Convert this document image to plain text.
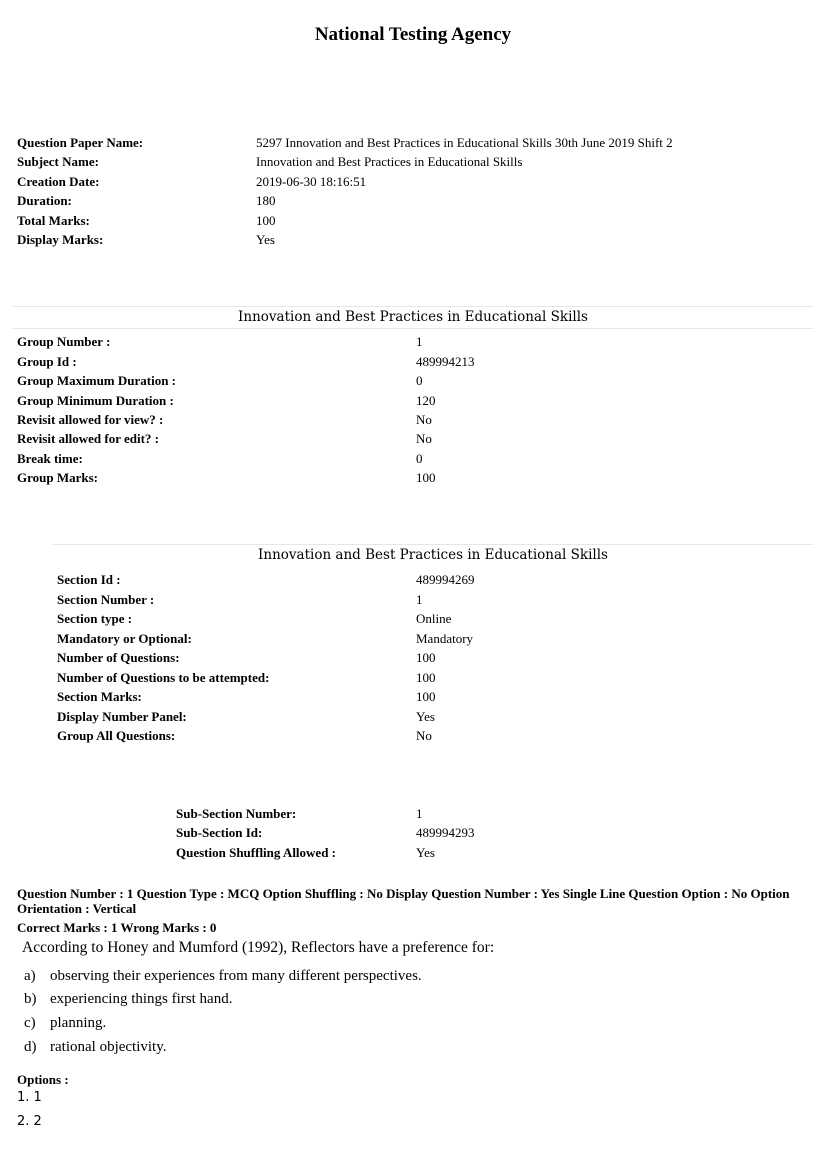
National Testing Agency
Question Paper Name:	5297 Innovation and Best Practices in Educational Skills 30th June 2019 Shift 2
Subject Name:	Innovation and Best Practices in Educational Skills
Creation Date:	2019-06-30 18:16:51
Duration:	180
Total Marks:	100
Display Marks:	Yes
Innovation and Best Practices in Educational Skills
Group Number :	1
Group Id :	489994213
Group Maximum Duration :	0
Group Minimum Duration :	120
Revisit allowed for view? :	No
Revisit allowed for edit? :	No
Break time:	0
Group Marks:	100
Innovation and Best Practices in Educational Skills
Section Id :	489994269
Section Number :	1
Section type :	Online
Mandatory or Optional:	Mandatory
Number of Questions:	100
Number of Questions to be attempted:	100
Section Marks:	100
Display Number Panel:	Yes
Group All Questions:	No
Sub-Section Number:	1
Sub-Section Id:	489994293
Question Shuffling Allowed :	Yes
Question Number : 1 Question Type : MCQ Option Shuffling : No Display Question Number : Yes Single Line Question Option : No Option Orientation : Vertical
Correct Marks : 1 Wrong Marks : 0
According to Honey and Mumford (1992), Reflectors have a preference for:
a) observing their experiences from many different perspectives.
b) experiencing things first hand.
c) planning.
d) rational objectivity.
Options :
1. 1
2. 2
